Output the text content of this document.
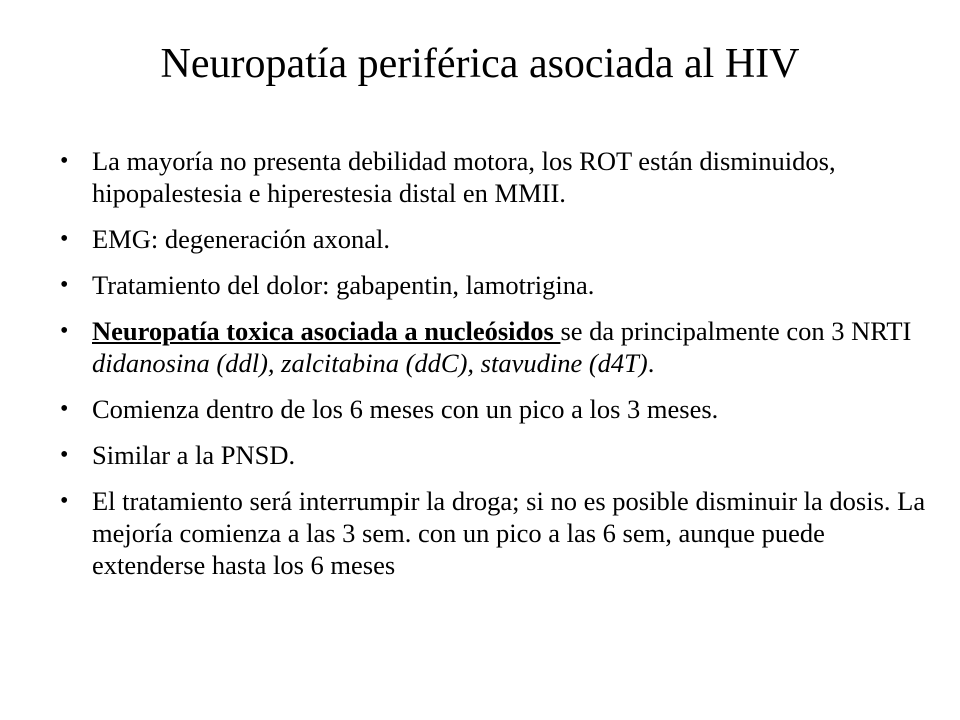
Neuropatía periférica asociada al HIV
• La mayoría no presenta debilidad motora, los ROT están disminuidos, hipopalestesia e hiperestesia distal en MMII.
• EMG: degeneración axonal.
• Tratamiento del dolor: gabapentin, lamotrigina.
• Neuropatía toxica asociada a nucleósidos se da principalmente con 3 NRTI didanosina (ddl), zalcitabina (ddC), stavudine (d4T).
• Comienza dentro de los 6 meses con un pico a los 3 meses.
• Similar a la PNSD.
• El tratamiento será interrumpir la droga; si no es posible disminuir la dosis. La mejoría comienza a las 3 sem. con un pico a las 6 sem, aunque puede extenderse hasta los 6 meses
